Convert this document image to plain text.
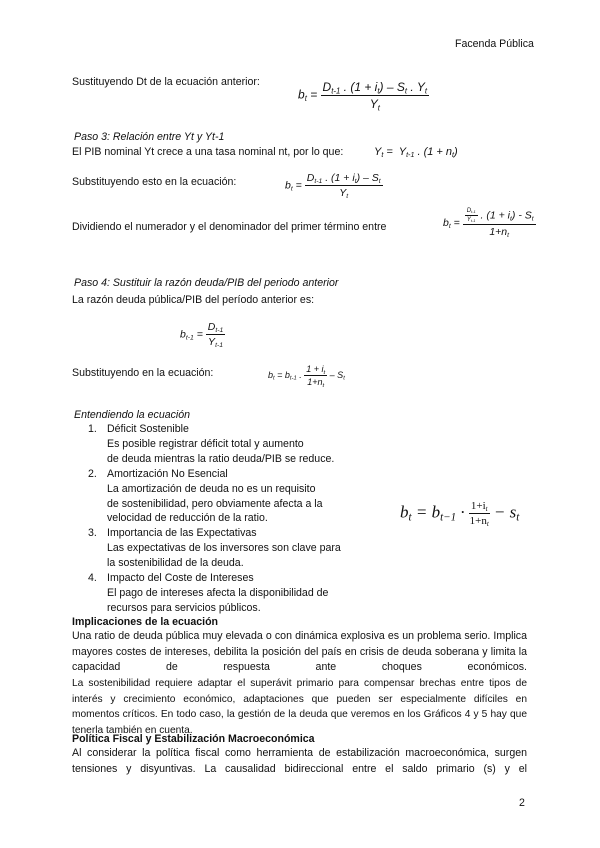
Facenda Pública
Sustituyendo Dt de la ecuación anterior:
$b_t = \frac{D_{t-1} . (1 + i_t) - S_t . Y_t}{Y_t}$
Paso 3: Relación entre Yt y Yt-1
El PIB nominal Yt crece a una tasa nominal nt, por lo que:	$Y_t = Y_{t-1}$ . $(1 + n_t)$
Substituyendo esto en la ecuación:	$b_t = \frac{D_{t-1} . (1 + i_t) - S_t}{Y_t}$
Dividiendo el numerador y el denominador del primer término entre	$b_t = \frac{\frac{D_{t-1}}{Y_{t-1}} . (1 + i_t) - S_t}{1+n_t}$
Paso 4: Sustituir la razón deuda/PIB del periodo anterior
La razón deuda pública/PIB del período anterior es:
$b_{t-1} = \frac{D_{t-1}}{Y_{t-1}}$
Substituyendo en la ecuación:	$b_t = b_{t-1}$ . $\frac{1 + i_t}{1+n_t} - S_t$
Entendiendo la ecuación
1. Déficit Sostenible
Es posible registrar déficit total y aumento
de deuda mientras la ratio deuda/PIB se reduce.
2. Amortización No Esencial
La amortización de deuda no es un requisito
de sostenibilidad, pero obviamente afecta a la
velocidad de reducción de la ratio.
3. Importancia de las Expectativas
Las expectativas de los inversores son clave para
la sostenibilidad de la deuda.
4. Impacto del Coste de Intereses
El pago de intereses afecta la disponibilidad de
recursos para servicios públicos.
$b_t = b_{t-1} \cdot \frac{1+i_t}{1+n_t} - s_t$
Implicaciones de la ecuación
Una ratio de deuda pública muy elevada o con dinámica explosiva es un problema serio. Implica mayores costes de intereses, debilita la posición del país en crisis de deuda soberana y limita la capacidad de respuesta ante choques económicos.
La sostenibilidad requiere adaptar el superávit primario para compensar brechas entre tipos de interés y crecimiento económico, adaptaciones que pueden ser especialmente difíciles en momentos críticos. En todo caso, la gestión de la deuda que veremos en los Gráficos 4 y 5 hay que tenerla también en cuenta.
Política Fiscal y Estabilización Macroeconómica
Al considerar la política fiscal como herramienta de estabilización macroeconómica, surgen tensiones y disyuntivas. La causalidad bidireccional entre el saldo primario (s) y el
2
